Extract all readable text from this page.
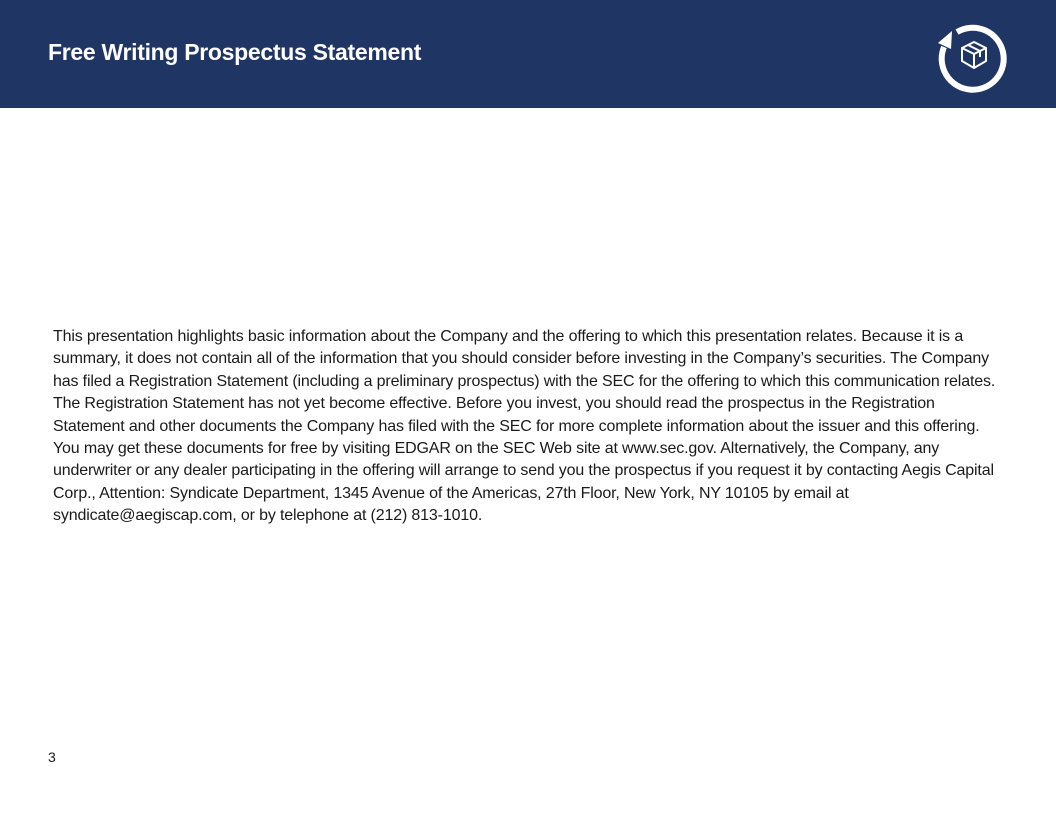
Free Writing Prospectus Statement

This presentation highlights basic information about the Company and the offering to which this presentation relates. Because it is a summary, it does not contain all of the information that you should consider before investing in the Company’s securities. The Company has filed a Registration Statement (including a preliminary prospectus) with the SEC for the offering to which this communication relates. The Registration Statement has not yet become effective. Before you invest, you should read the prospectus in the Registration Statement and other documents the Company has filed with the SEC for more complete information about the issuer and this offering. You may get these documents for free by visiting EDGAR on the SEC Web site at www.sec.gov. Alternatively, the Company, any underwriter or any dealer participating in the offering will arrange to send you the prospectus if you request it by contacting Aegis Capital Corp., Attention: Syndicate Department, 1345 Avenue of the Americas, 27th Floor, New York, NY 10105 by email at syndicate@aegiscap.com, or by telephone at (212) 813-1010.

3
